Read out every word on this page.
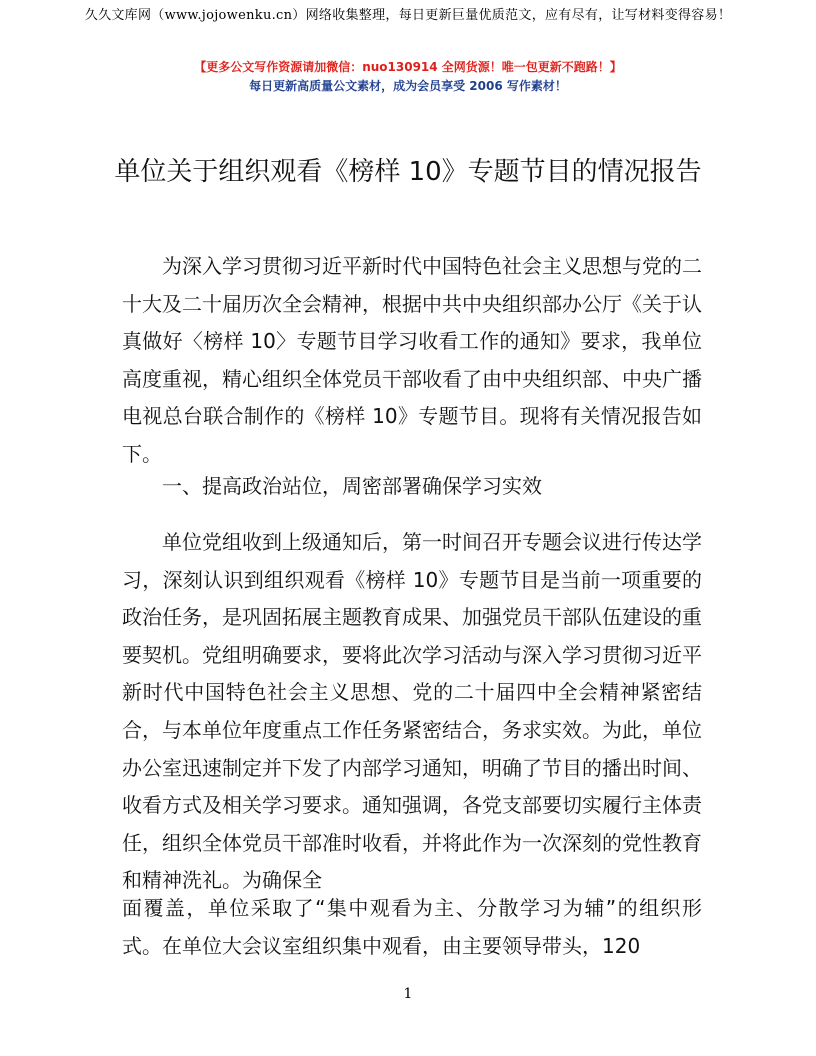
久久文库网（www.jojowenku.cn）网络收集整理，每日更新巨量优质范文，应有尽有，让写材料变得容易！
【更多公文写作资源请加微信：nuo130914 全网货源！唯一包更新不跑路！】
每日更新高质量公文素材，成为会员享受 2006 写作素材！
单位关于组织观看《榜样 10》专题节目的情况报告

为深入学习贯彻习近平新时代中国特色社会主义思想与党的二十大及二十届历次全会精神，根据中共中央组织部办公厅《关于认真做好〈榜样 10〉专题节目学习收看工作的通知》要求，我单位高度重视，精心组织全体党员干部收看了由中央组织部、中央广播电视总台联合制作的《榜样 10》专题节目。现将有关情况报告如下。

一、提高政治站位，周密部署确保学习实效

单位党组收到上级通知后，第一时间召开专题会议进行传达学习，深刻认识到组织观看《榜样 10》专题节目是当前一项重要的政治任务，是巩固拓展主题教育成果、加强党员干部队伍建设的重要契机。党组明确要求，要将此次学习活动与深入学习贯彻习近平新时代中国特色社会主义思想、党的二十届四中全会精神紧密结合，与本单位年度重点工作任务紧密结合，务求实效。为此，单位办公室迅速制定并下发了内部学习通知，明确了节目的播出时间、收看方式及相关学习要求。通知强调，各党支部要切实履行主体责任，组织全体党员干部准时收看，并将此作为一次深刻的党性教育和精神洗礼。为确保全

面覆盖，单位采取了“集中观看为主、分散学习为辅”的组织形式。在单位大会议室组织集中观看，由主要领导带头，120

1
